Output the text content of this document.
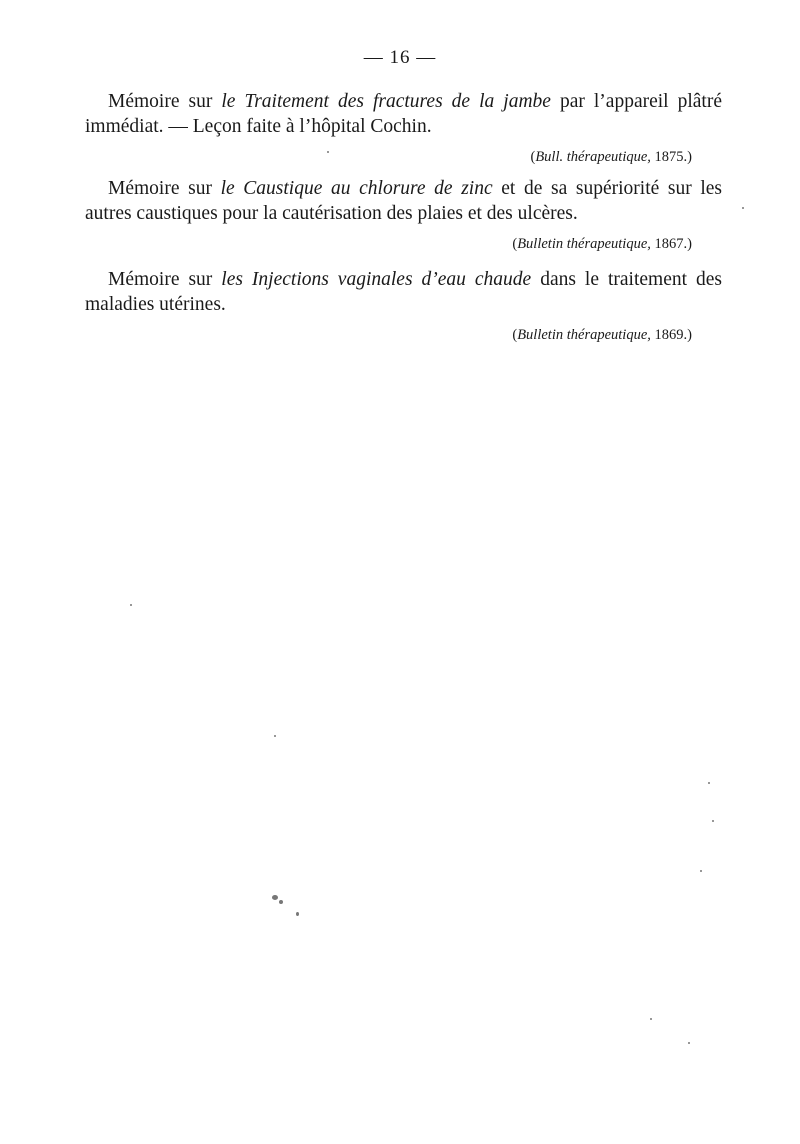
— 16 —

Mémoire sur le Traitement des fractures de la jambe par l’appareil plâtré
immédiat. — Leçon faite à l’hôpital Cochin.

(Bull. thérapeutique, 1875.)

Mémoire sur le Caustique au chlorure de zinc et de sa supériorité sur les
autres caustiques pour la cautérisation des plaies et des ulcères.

(Bulletin thérapeutique, 1867.)

Mémoire sur les Injections vaginales d’eau chaude dans le traitement des
maladies utérines.

(Bulletin thérapeutique, 1869.)
